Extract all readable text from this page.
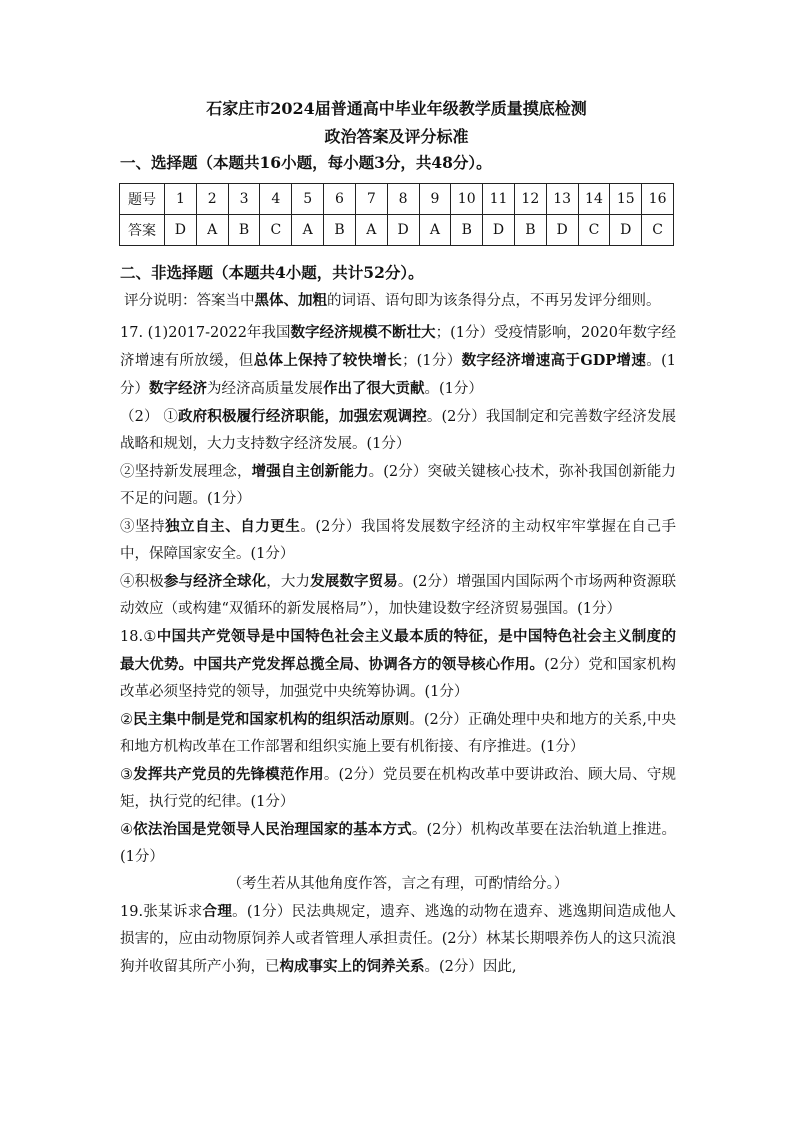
石家庄市2024届普通高中毕业年级教学质量摸底检测
政治答案及评分标准
一、选择题（本题共16小题，每小题3分，共48分）。
题号	1	2	3	4	5	6	7	8	9	10	11	12	13	14	15	16
答案	D	A	B	C	A	B	A	D	A	B	D	B	D	C	D	C

二、非选择题（本题共4小题，共计52分）。

评分说明：答案当中黑体、加粗的词语、语句即为该条得分点，不再另发评分细则。

17. (1)2017-2022年我国数字经济规模不断壮大；(1分）受疫情影响，2020年数字经济增速有所放缓，但总体上保持了较快增长；(1分）数字经济增速高于GDP增速。(1分）数字经济为经济高质量发展作出了很大贡献。(1分）

（2） ①政府积极履行经济职能，加强宏观调控。(2分）我国制定和完善数字经济发展战略和规划，大力支持数字经济发展。(1分）

②坚持新发展理念，增强自主创新能力。(2分）突破关键核心技术，弥补我国创新能力不足的问题。(1分）

③坚持独立自主、自力更生。(2分）我国将发展数字经济的主动权牢牢掌握在自己手中，保障国家安全。(1分）

④积极参与经济全球化，大力发展数字贸易。(2分）增强国内国际两个市场两种资源联动效应（或构建“双循环的新发展格局”），加快建设数字经济贸易强国。(1分）

18.①中国共产党领导是中国特色社会主义最本质的特征，是中国特色社会主义制度的最大优势。中国共产党发挥总揽全局、协调各方的领导核心作用。(2分）党和国家机构改革必须坚持党的领导，加强党中央统筹协调。(1分）

②民主集中制是党和国家机构的组织活动原则。(2分）正确处理中央和地方的关系,中央和地方机构改革在工作部署和组织实施上要有机衔接、有序推进。(1分）

③发挥共产党员的先锋模范作用。(2分）党员要在机构改革中要讲政治、顾大局、守规矩，执行党的纪律。(1分）

④依法治国是党领导人民治理国家的基本方式。(2分）机构改革要在法治轨道上推进。(1分）

（考生若从其他角度作答，言之有理，可酌情给分。）

19.张某诉求合理。(1分）民法典规定，遗弃、逃逸的动物在遗弃、逃逸期间造成他人损害的，应由动物原饲养人或者管理人承担责任。(2分）林某长期喂养伤人的这只流浪狗并收留其所产小狗，已构成事实上的饲养关系。(2分）因此,
